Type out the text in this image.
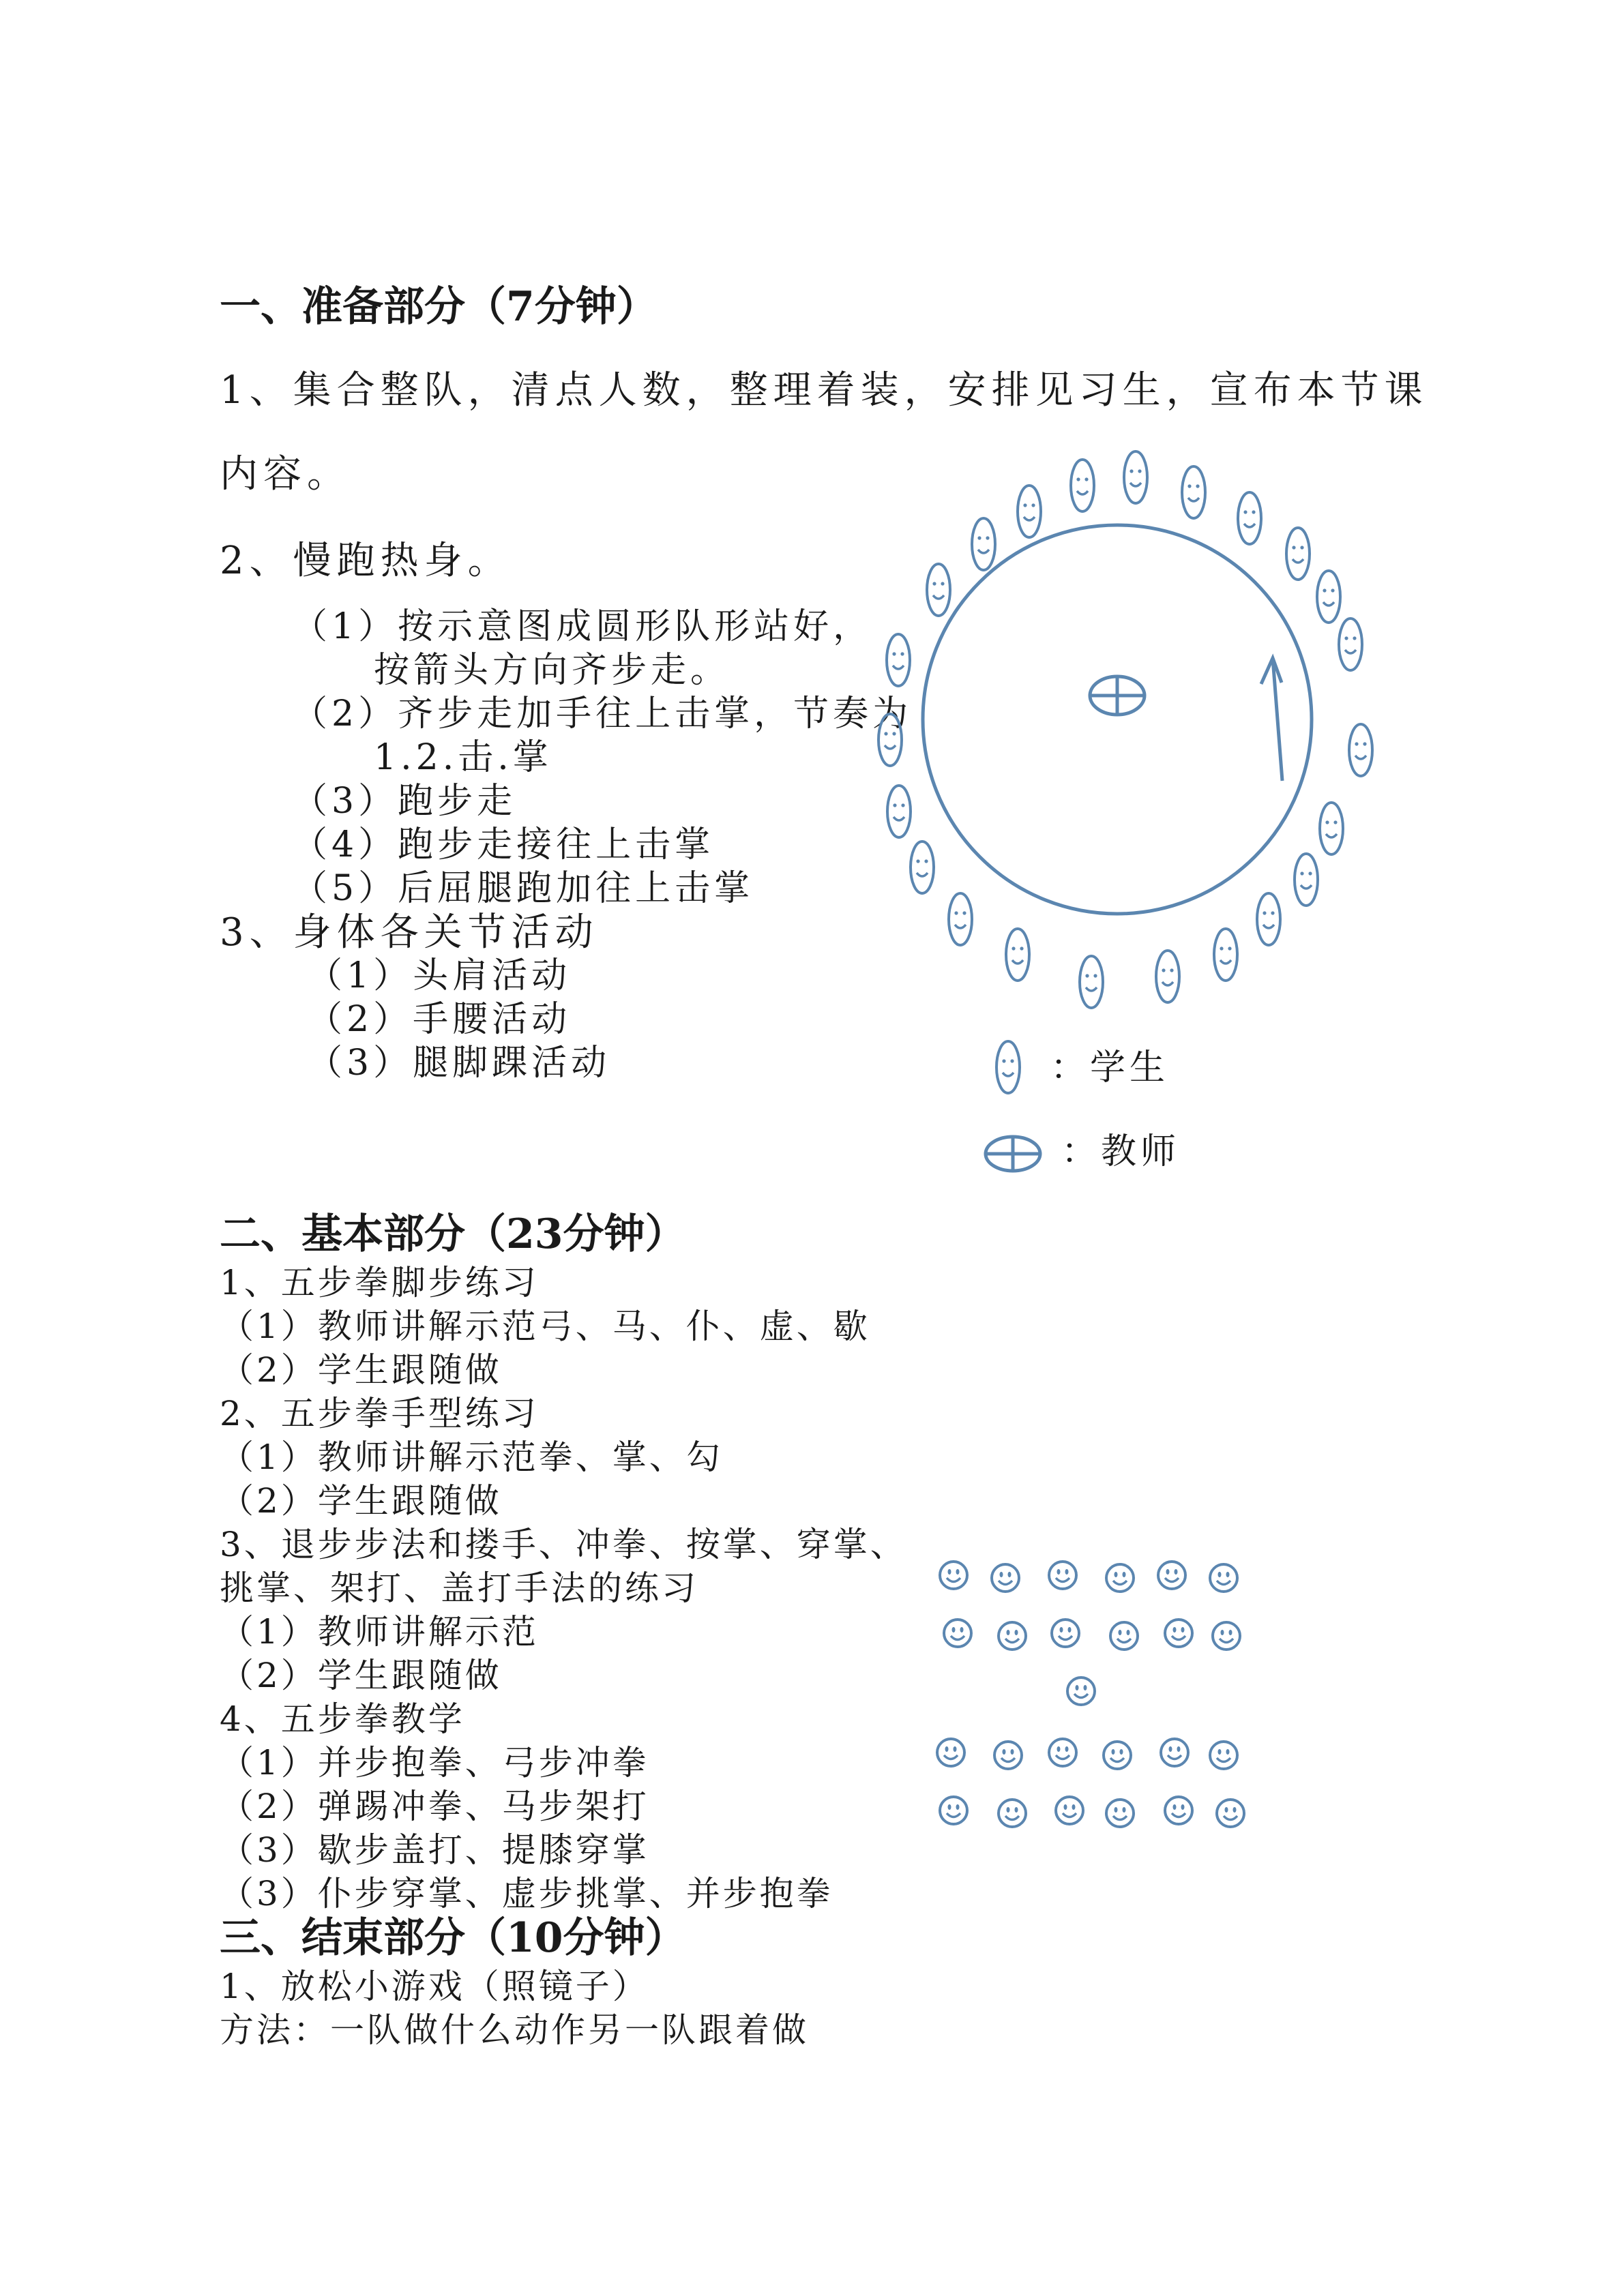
一、准备部分（7分钟）
1、集合整队，清点人数，整理着装，安排见习生，宣布本节课
内容。
2、慢跑热身。
（1）按示意图成圆形队形站好，
按箭头方向齐步走。
（2）齐步走加手往上击掌，节奏为
1.2.击.掌
（3）跑步走
（4）跑步走接往上击掌
（5）后屈腿跑加往上击掌
3、身体各关节活动
（1）头肩活动
（2）手腰活动
（3）腿脚踝活动	：学生
：教师
二、基本部分（23分钟）
1、五步拳脚步练习
（1）教师讲解示范弓、马、仆、虚、歇
（2）学生跟随做
2、五步拳手型练习
（1）教师讲解示范拳、掌、勾
（2）学生跟随做
3、退步步法和搂手、冲拳、按掌、穿掌、
挑掌、架打、盖打手法的练习
（1）教师讲解示范
（2）学生跟随做
4、五步拳教学
（1）并步抱拳、弓步冲拳
（2）弹踢冲拳、马步架打
（3）歇步盖打、提膝穿掌
（3）仆步穿掌、虚步挑掌、并步抱拳
三、结束部分（10分钟）
1、放松小游戏（照镜子）
方法：一队做什么动作另一队跟着做
